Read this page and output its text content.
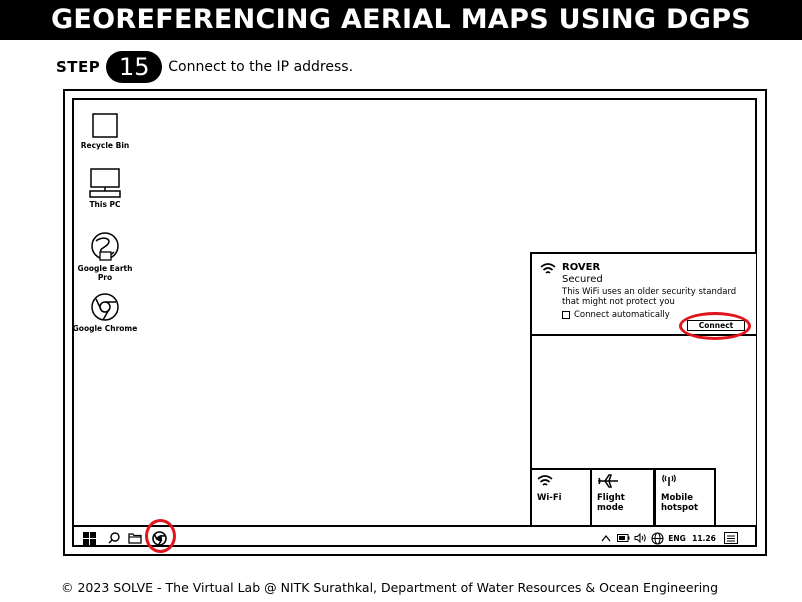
GEOREFERENCING AERIAL MAPS USING DGPS
STEP 15	Connect to the IP address.
Recycle Bin
This PC
Google Earth Pro
Google Chrome
ROVER
Secured
This WiFi uses an older security standard that might not protect you
Connect automatically
Connect
Wi-Fi	Flight mode
Mobile hotspot
ENG 11.26
© 2023 SOLVE - The Virtual Lab @ NITK Surathkal, Department of Water Resources & Ocean Engineering
